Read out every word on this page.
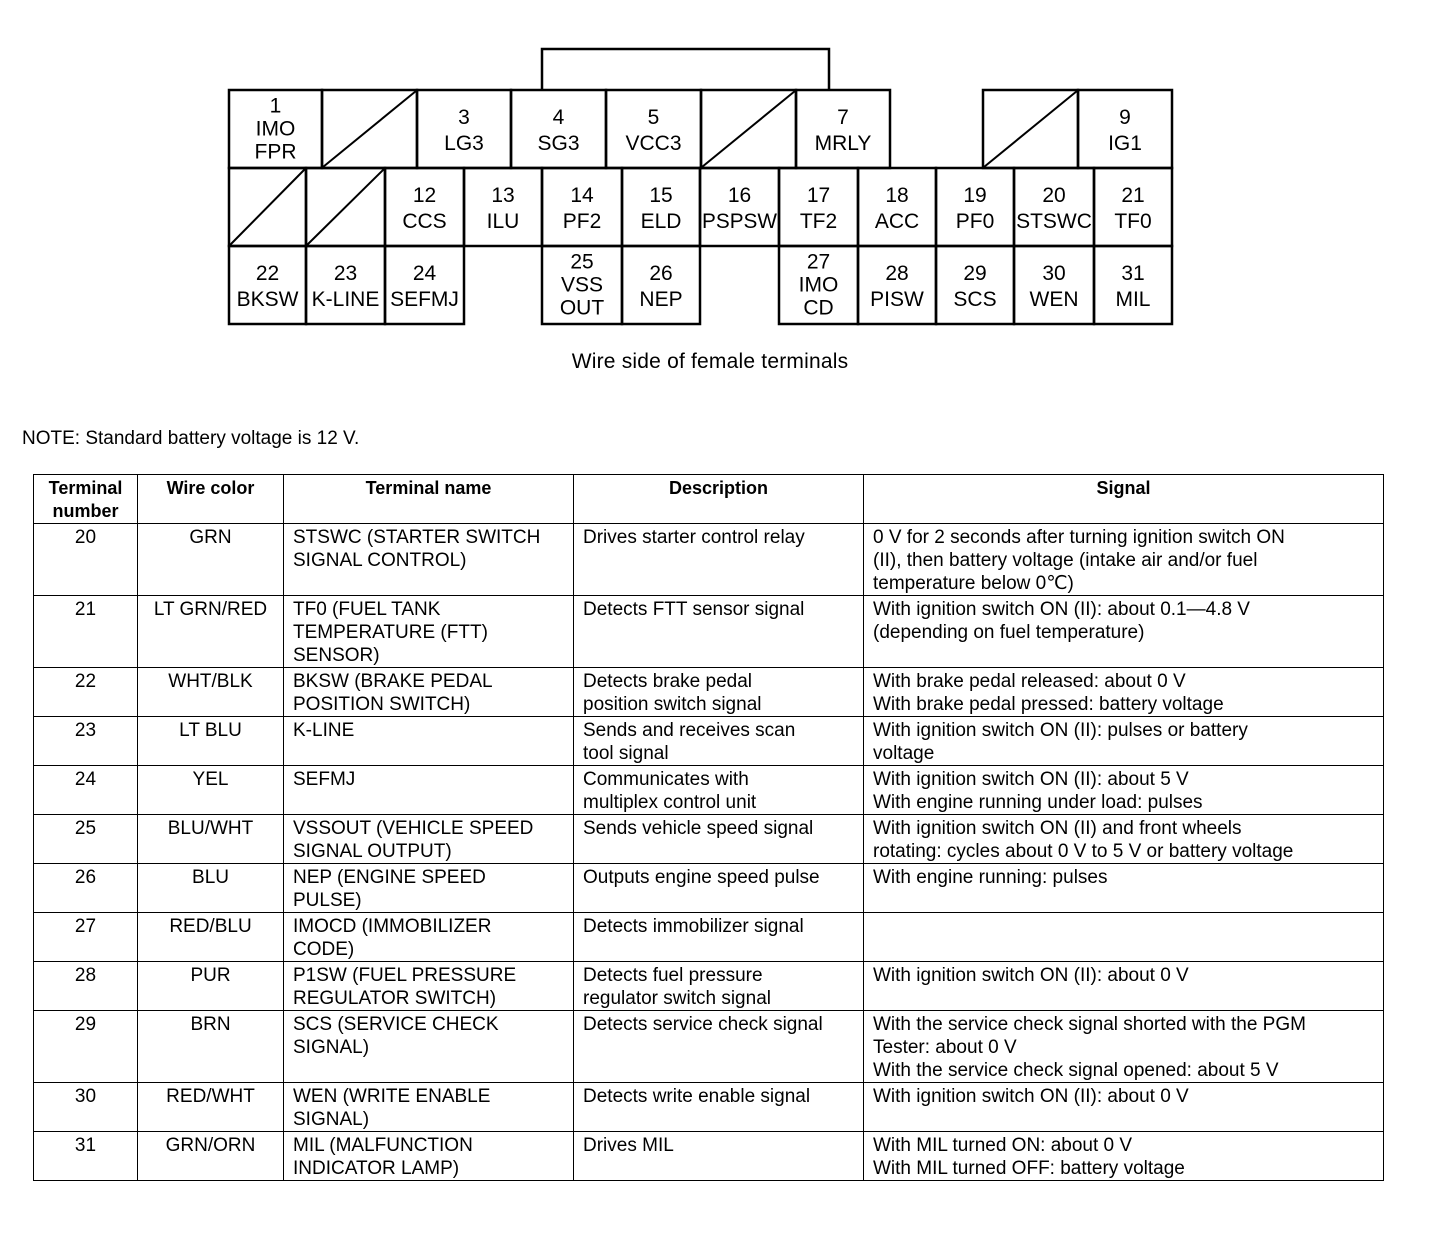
1
IMO
FPR
3
LG3
4
SG3
5
VCC3
7
MRLY
9
IG1
12
CCS
13
ILU
14
PF2
15
ELD
16
PSPSW
17
TF2
18
ACC
19
PF0
20
STSWC
21
TF0
22
BKSW
23
K-LINE
24
SEFMJ
25
VSS
OUT
26
NEP
27
IMO
CD
28
PISW
29
SCS
30
WEN
31
MIL
Wire side of female terminals
NOTE: Standard battery voltage is 12 V.
Terminal
number	Wire color	Terminal name	Description	Signal

20	GRN	STSWC (STARTER SWITCH
SIGNAL CONTROL)	Drives starter control relay	0 V for 2 seconds after turning ignition switch ON
(II), then battery voltage (intake air and/or fuel
temperature below 0℃)

21	LT GRN/RED	TF0 (FUEL TANK
TEMPERATURE (FTT)
SENSOR)	Detects FTT sensor signal	With ignition switch ON (II): about 0.1—4.8 V
(depending on fuel temperature)

22	WHT/BLK	BKSW (BRAKE PEDAL
POSITION SWITCH)	Detects brake pedal
position switch signal	With brake pedal released: about 0 V
With brake pedal pressed: battery voltage

23	LT BLU	K-LINE	Sends and receives scan
tool signal	With ignition switch ON (II): pulses or battery
voltage

24	YEL	SEFMJ	Communicates with
multiplex control unit	With ignition switch ON (II): about 5 V
With engine running under load: pulses

25	BLU/WHT	VSSOUT (VEHICLE SPEED
SIGNAL OUTPUT)	Sends vehicle speed signal	With ignition switch ON (II) and front wheels
rotating: cycles about 0 V to 5 V or battery voltage

26	BLU	NEP (ENGINE SPEED
PULSE)	Outputs engine speed pulse	With engine running: pulses

27	RED/BLU	IMOCD (IMMOBILIZER
CODE)	Detects immobilizer signal	

28	PUR	P1SW (FUEL PRESSURE
REGULATOR SWITCH)	Detects fuel pressure
regulator switch signal	With ignition switch ON (II): about 0 V

29	BRN	SCS (SERVICE CHECK
SIGNAL)	Detects service check signal	With the service check signal shorted with the PGM
Tester: about 0 V
With the service check signal opened: about 5 V

30	RED/WHT	WEN (WRITE ENABLE
SIGNAL)	Detects write enable signal	With ignition switch ON (II): about 0 V

31	GRN/ORN	MIL (MALFUNCTION
INDICATOR LAMP)	Drives MIL	With MIL turned ON: about 0 V
With MIL turned OFF: battery voltage
